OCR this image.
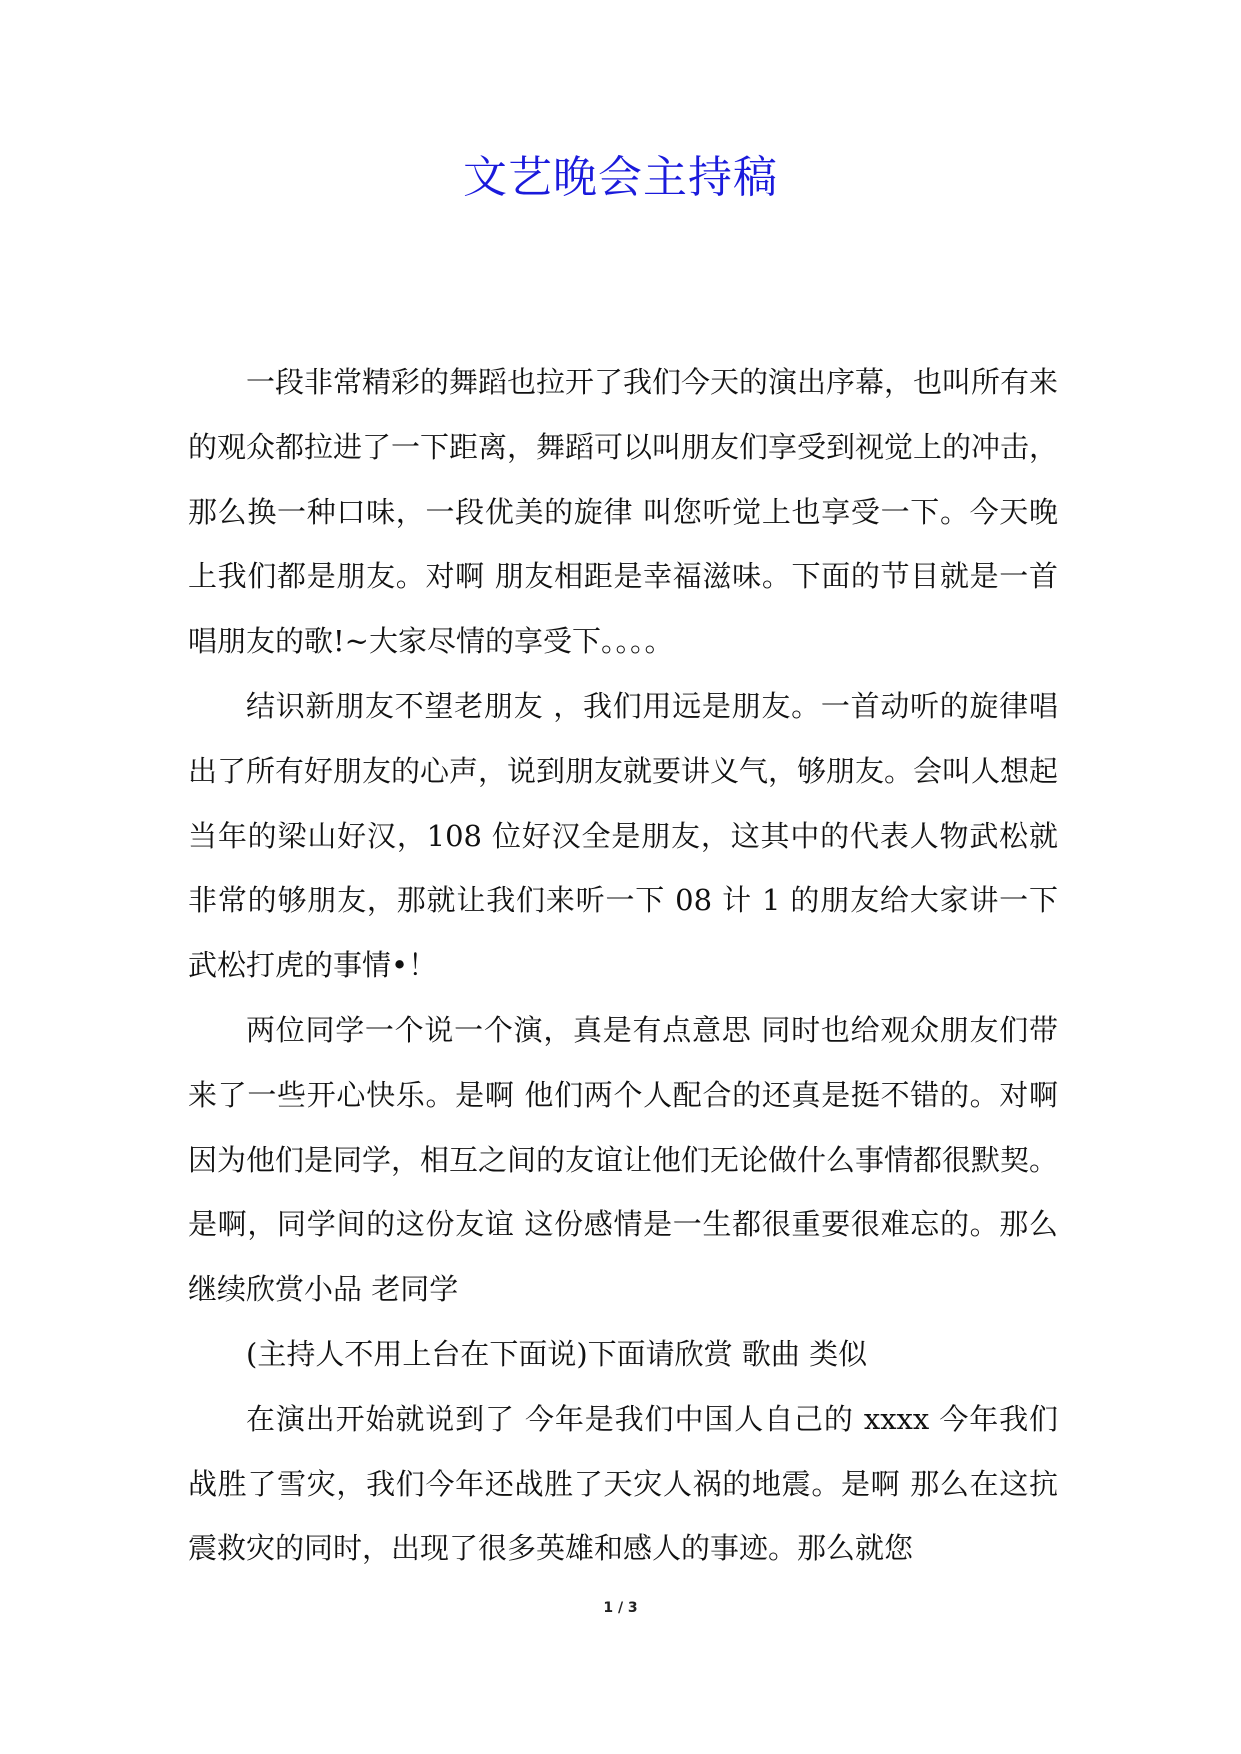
文艺晚会主持稿

一段非常精彩的舞蹈也拉开了我们今天的演出序幕，也叫所有来的观众都拉进了一下距离，舞蹈可以叫朋友们享受到视觉上的冲击， 那么换一种口味，一段优美的旋律 叫您听觉上也享受一下。今天晚上我们都是朋友。对啊 朋友相距是幸福滋味。下面的节目就是一首唱朋友的歌!~大家尽情的享受下。。。。

结识新朋友不望老朋友 ，我们用远是朋友。一首动听的旋律唱出了所有好朋友的心声，说到朋友就要讲义气，够朋友。会叫人想起当年的梁山好汉，108 位好汉全是朋友，这其中的代表人物武松就非常的够朋友，那就让我们来听一下 08 计 1 的朋友给大家讲一下武松打虎的事情•！

两位同学一个说一个演，真是有点意思 同时也给观众朋友们带来了一些开心快乐。是啊 他们两个人配合的还真是挺不错的。对啊 因为他们是同学，相互之间的友谊让他们无论做什么事情都很默契。是啊，同学间的这份友谊 这份感情是一生都很重要很难忘的。那么继续欣赏小品 老同学

(主持人不用上台在下面说)下面请欣赏 歌曲 类似

在演出开始就说到了 今年是我们中国人自己的 xxxx 今年我们战胜了雪灾，我们今年还战胜了天灾人祸的地震。是啊 那么在这抗震救灾的同时，出现了很多英雄和感人的事迹。那么就您

1 / 3
